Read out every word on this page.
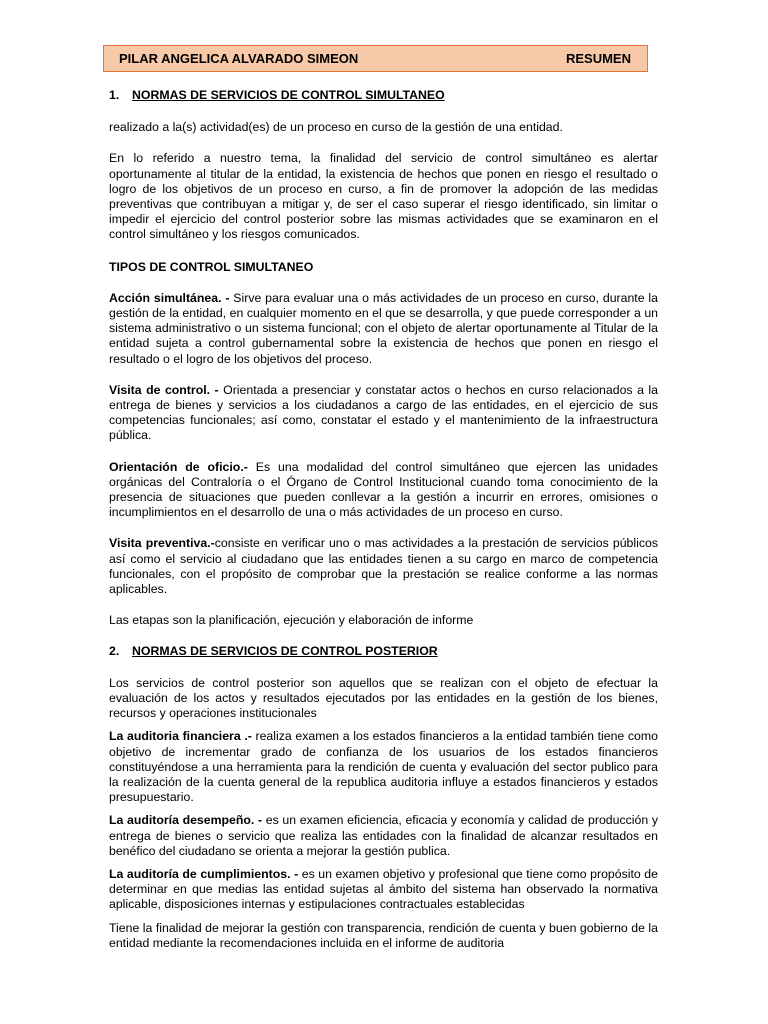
PILAR ANGELICA ALVARADO SIMEON	RESUMEN

1. NORMAS DE SERVICIOS DE CONTROL SIMULTANEO

realizado a la(s) actividad(es) de un proceso en curso de la gestión de una entidad.

En lo referido a nuestro tema, la finalidad del servicio de control simultáneo es alertar oportunamente al titular de la entidad, la existencia de hechos que ponen en riesgo el resultado o logro de los objetivos de un proceso en curso, a fin de promover la adopción de las medidas preventivas que contribuyan a mitigar y, de ser el caso superar el riesgo identificado, sin limitar o impedir el ejercicio del control posterior sobre las mismas actividades que se examinaron en el control simultáneo y los riesgos comunicados.

TIPOS DE CONTROL SIMULTANEO

Acción simultánea. - Sirve para evaluar una o más actividades de un proceso en curso, durante la gestión de la entidad, en cualquier momento en el que se desarrolla, y que puede corresponder a un sistema administrativo o un sistema funcional; con el objeto de alertar oportunamente al Titular de la entidad sujeta a control gubernamental sobre la existencia de hechos que ponen en riesgo el resultado o el logro de los objetivos del proceso.

Visita de control. - Orientada a presenciar y constatar actos o hechos en curso relacionados a la entrega de bienes y servicios a los ciudadanos a cargo de las entidades, en el ejercicio de sus competencias funcionales; así como, constatar el estado y el mantenimiento de la infraestructura pública.

Orientación de oficio.- Es una modalidad del control simultáneo que ejercen las unidades orgánicas del Contraloría o el Órgano de Control Institucional cuando toma conocimiento de la presencia de situaciones que pueden conllevar a la gestión a incurrir en errores, omisiones o incumplimientos en el desarrollo de una o más actividades de un proceso en curso.

Visita preventiva.-consiste en verificar uno o mas actividades a la prestación de servicios públicos así como el servicio al ciudadano que las entidades tienen a su cargo en marco de competencia funcionales, con el propósito de comprobar que la prestación se realice conforme a las normas aplicables.

Las etapas son la planificación, ejecución y elaboración de informe

2. NORMAS DE SERVICIOS DE CONTROL POSTERIOR

Los servicios de control posterior son aquellos que se realizan con el objeto de efectuar la evaluación de los actos y resultados ejecutados por las entidades en la gestión de los bienes, recursos y operaciones institucionales

La auditoria financiera .- realiza examen a los estados financieros a la entidad también tiene como objetivo de incrementar grado de confianza de los usuarios de los estados financieros constituyéndose a una herramienta para la rendición de cuenta y evaluación del sector publico para la realización de la cuenta general de la republica auditoria influye a estados financieros y estados presupuestario.

La auditoría desempeño. - es un examen eficiencia, eficacia y economía y calidad de producción y entrega de bienes o servicio que realiza las entidades con la finalidad de alcanzar resultados en benéfico del ciudadano se orienta a mejorar la gestión publica.

La auditoría de cumplimientos. - es un examen objetivo y profesional que tiene como propósito de determinar en que medias las entidad sujetas al ámbito del sistema han observado la normativa aplicable, disposiciones internas y estipulaciones contractuales establecidas

Tiene la finalidad de mejorar la gestión con transparencia, rendición de cuenta y buen gobierno de la entidad mediante la recomendaciones incluida en el informe de auditoria
